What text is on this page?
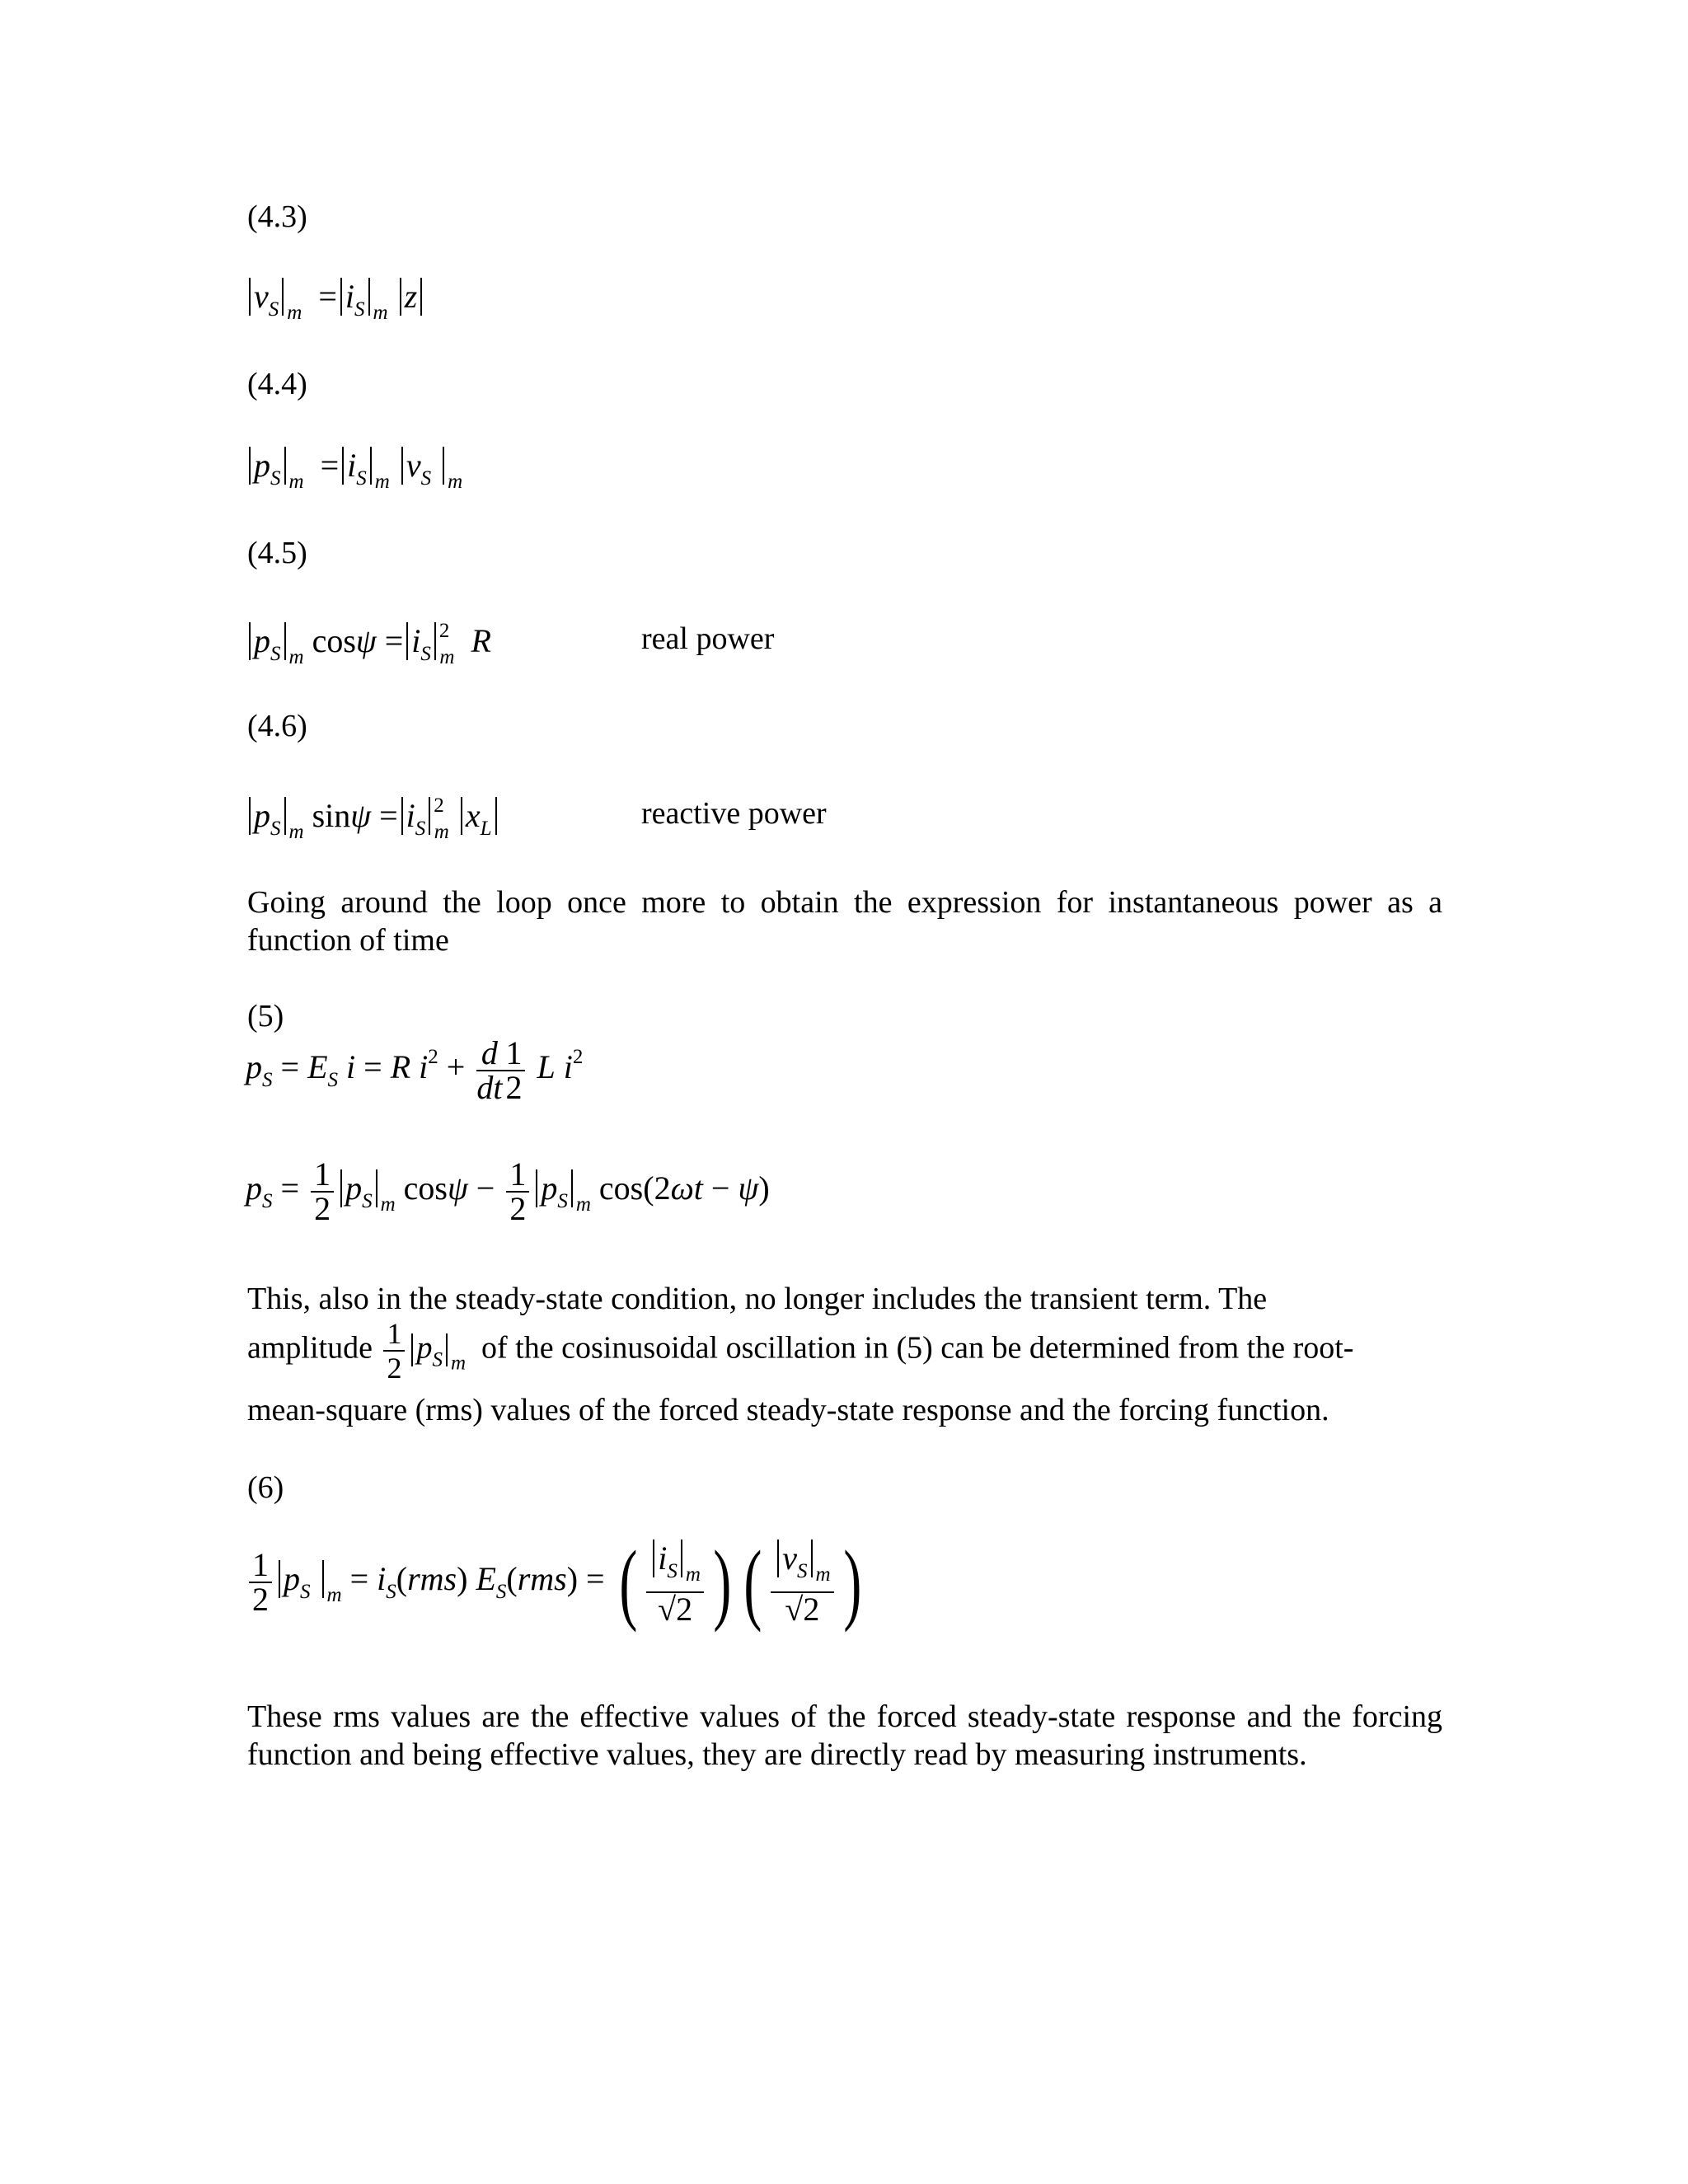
(4.3)
$v_S$ $_m = i_S$ $_m$ z
(4.4)
$p_S$ $_m = i_S$ $_m$ $v_S$ $_m$
(4.5)
$p_S$ $_m$ $\cos\psi = i_S^2_m$ R	real power
(4.6)
$p_S$ $_m$ $\sin\psi = i_S^2_m$ $x_L$	reactive power
Going around the loop once more to obtain the expression for instantaneous power as a function of time
(5)
$p_S = E_S$ i = R $i^2 + \frac{d}{dt} \frac{1}{2}$ L $i^2$
$p_S = \frac{1}{2} p_S$ $_m$ $\cos\psi - \frac{1}{2} p_S$ $_m$ cos(2ωt − ψ)
This, also in the steady-state condition, no longer includes the transient term. The
amplitude $\frac{1}{2} p_S$ $_m$ of the cosinusoidal oscillation in (5) can be determined from the root-
mean-square (rms) values of the forced steady-state response and the forcing function.
(6)
$\frac{1}{2} p_S$ $_m = i_S(rms) E_S(rms)$ = ( $\frac{i_S _m}{√2}$ ) ( $\frac{v_S _m}{√2}$ )
These rms values are the effective values of the forced steady-state response and the forcing function and being effective values, they are directly read by measuring instruments.
